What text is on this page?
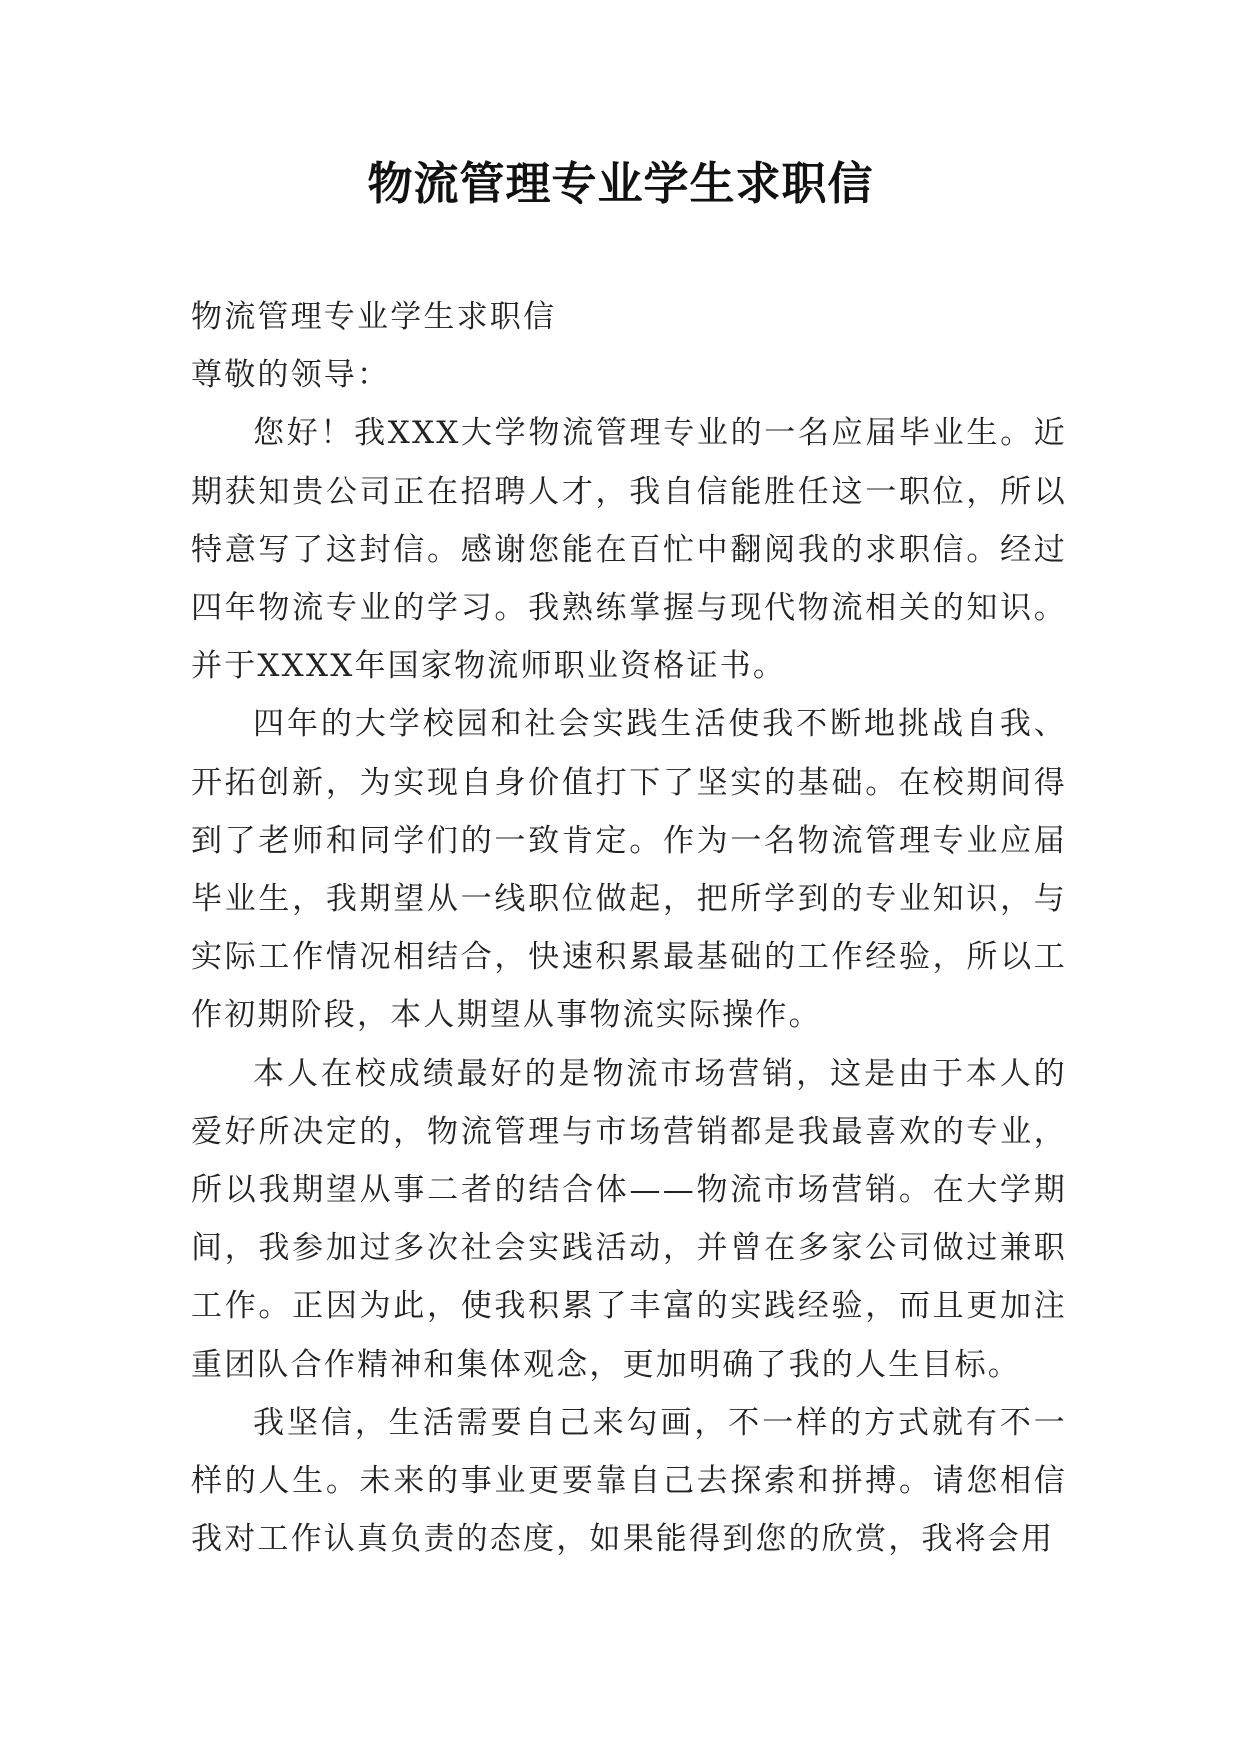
物流管理专业学生求职信

物流管理专业学生求职信

尊敬的领导：

您好！我XXX大学物流管理专业的一名应届毕业生。近期获知贵公司正在招聘人才，我自信能胜任这一职位，所以特意写了这封信。感谢您能在百忙中翻阅我的求职信。经过四年物流专业的学习。我熟练掌握与现代物流相关的知识。并于XXXX年国家物流师职业资格证书。

四年的大学校园和社会实践生活使我不断地挑战自我、开拓创新，为实现自身价值打下了坚实的基础。在校期间得到了老师和同学们的一致肯定。作为一名物流管理专业应届毕业生，我期望从一线职位做起，把所学到的专业知识，与实际工作情况相结合，快速积累最基础的工作经验，所以工作初期阶段，本人期望从事物流实际操作。

本人在校成绩最好的是物流市场营销，这是由于本人的爱好所决定的，物流管理与市场营销都是我最喜欢的专业，所以我期望从事二者的结合体——物流市场营销。在大学期间，我参加过多次社会实践活动，并曾在多家公司做过兼职工作。正因为此，使我积累了丰富的实践经验，而且更加注重团队合作精神和集体观念，更加明确了我的人生目标。

我坚信，生活需要自己来勾画，不一样的方式就有不一样的人生。未来的事业更要靠自己去探索和拼搏。请您相信我对工作认真负责的态度，如果能得到您的欣赏，我将会用
